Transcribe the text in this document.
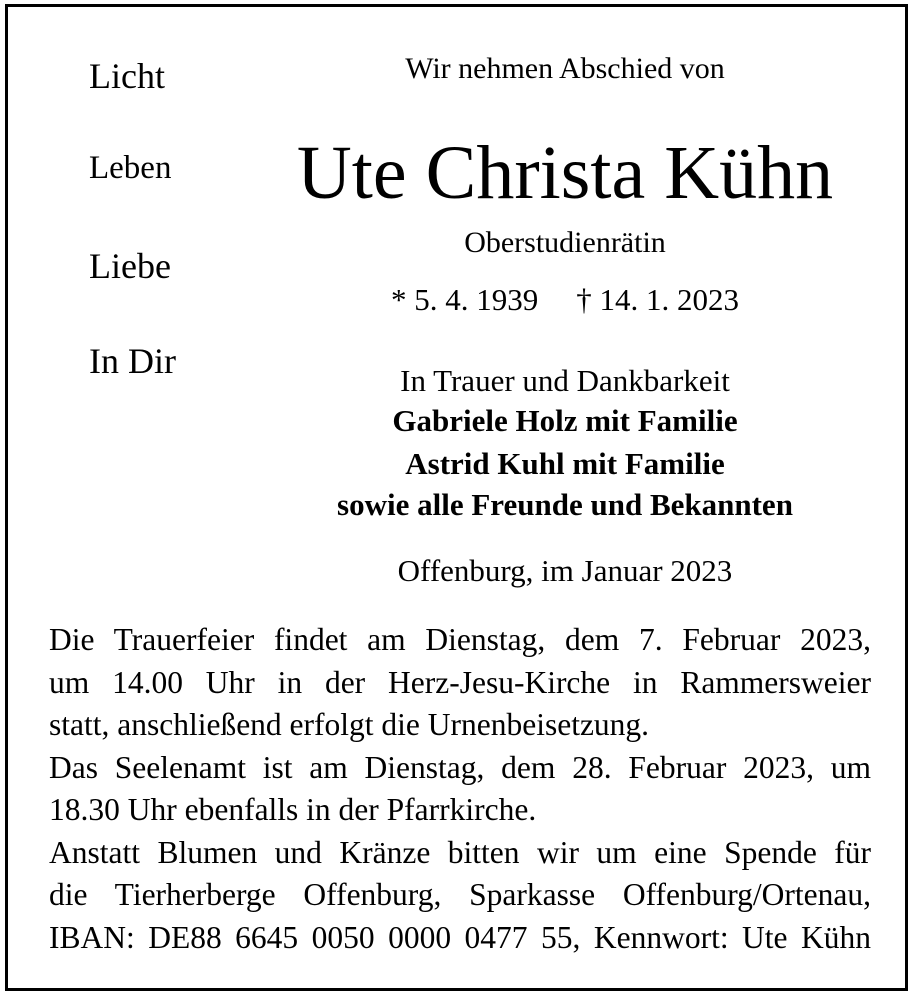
Licht
Leben
Liebe
In Dir
Wir nehmen Abschied von
Ute Christa Kühn
Oberstudienrätin
* 5. 4. 1939 † 14. 1. 2023
In Trauer und Dankbarkeit
Gabriele Holz mit Familie
Astrid Kuhl mit Familie
sowie alle Freunde und Bekannten
Offenburg, im Januar 2023
Die Trauerfeier findet am Dienstag, dem 7. Februar 2023,
um 14.00 Uhr in der Herz-Jesu-Kirche in Rammersweier
statt, anschließend erfolgt die Urnenbeisetzung.
Das Seelenamt ist am Dienstag, dem 28. Februar 2023, um
18.30 Uhr ebenfalls in der Pfarrkirche.
Anstatt Blumen und Kränze bitten wir um eine Spende für
die Tierherberge Offenburg, Sparkasse Offenburg/Ortenau,
IBAN: DE88 6645 0050 0000 0477 55, Kennwort: Ute Kühn
